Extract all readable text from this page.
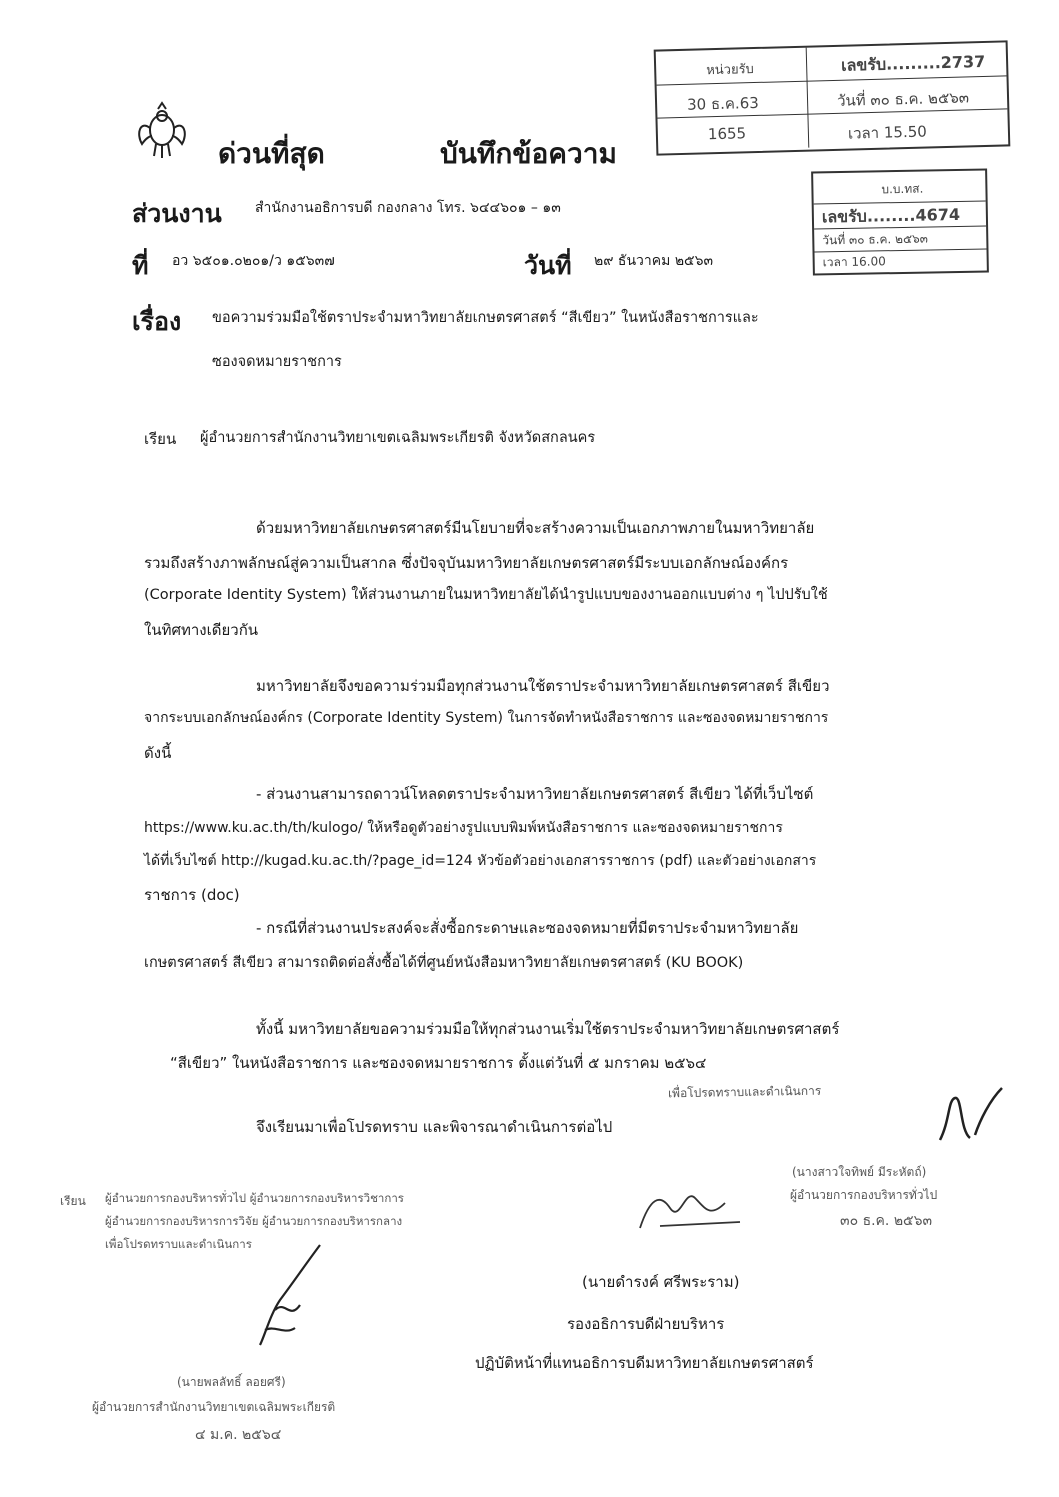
ด่วนที่สุด	บันทึกข้อความ
หน่วยรับ	เลขรับ.........2737
30 ธ.ค.63	วันที่ ๓๐ ธ.ค. ๒๕๖๓
1655	เวลา 15.50
บ.บ.ทส.
เลขรับ........4674
วันที่ ๓๐ ธ.ค. ๒๕๖๓
เวลา 16.00
ส่วนงาน สำนักงานอธิการบดี กองกลาง โทร. ๖๔๔๖๐๑ – ๑๓
ที่ อว ๖๕๐๑.๐๒๐๑/ว ๑๕๖๓๗	วันที่ ๒๙ ธันวาคม ๒๕๖๓
เรื่อง ขอความร่วมมือใช้ตราประจำมหาวิทยาลัยเกษตรศาสตร์ “สีเขียว” ในหนังสือราชการและ
ซองจดหมายราชการ
เรียน ผู้อำนวยการสำนักงานวิทยาเขตเฉลิมพระเกียรติ จังหวัดสกลนคร
ด้วยมหาวิทยาลัยเกษตรศาสตร์มีนโยบายที่จะสร้างความเป็นเอกภาพภายในมหาวิทยาลัย
รวมถึงสร้างภาพลักษณ์สู่ความเป็นสากล ซึ่งปัจจุบันมหาวิทยาลัยเกษตรศาสตร์มีระบบเอกลักษณ์องค์กร
(Corporate Identity System) ให้ส่วนงานภายในมหาวิทยาลัยได้นำรูปแบบของงานออกแบบต่าง ๆ ไปปรับใช้
ในทิศทางเดียวกัน
มหาวิทยาลัยจึงขอความร่วมมือทุกส่วนงานใช้ตราประจำมหาวิทยาลัยเกษตรศาสตร์ สีเขียว
จากระบบเอกลักษณ์องค์กร (Corporate Identity System) ในการจัดทำหนังสือราชการ และซองจดหมายราชการ
ดังนี้
- ส่วนงานสามารถดาวน์โหลดตราประจำมหาวิทยาลัยเกษตรศาสตร์ สีเขียว ได้ที่เว็บไซต์
https://www.ku.ac.th/th/kulogo/ ให้หรือดูตัวอย่างรูปแบบพิมพ์หนังสือราชการ และซองจดหมายราชการ
ได้ที่เว็บไซต์ http://kugad.ku.ac.th/?page_id=124 หัวข้อตัวอย่างเอกสารราชการ (pdf) และตัวอย่างเอกสาร
ราชการ (doc)
- กรณีที่ส่วนงานประสงค์จะสั่งซื้อกระดาษและซองจดหมายที่มีตราประจำมหาวิทยาลัย
เกษตรศาสตร์ สีเขียว สามารถติดต่อสั่งซื้อได้ที่ศูนย์หนังสือมหาวิทยาลัยเกษตรศาสตร์ (KU BOOK)
ทั้งนี้ มหาวิทยาลัยขอความร่วมมือให้ทุกส่วนงานเริ่มใช้ตราประจำมหาวิทยาลัยเกษตรศาสตร์
“สีเขียว” ในหนังสือราชการ และซองจดหมายราชการ ตั้งแต่วันที่ ๕ มกราคม ๒๕๖๔
จึงเรียนมาเพื่อโปรดทราบ และพิจารณาดำเนินการต่อไป
เพื่อโปรดทราบและดำเนินการ
(นางสาวใจทิพย์ มีระหัตถ์)
ผู้อำนวยการกองบริหารทั่วไป
๓๐ ธ.ค. ๒๕๖๓
เรียน ผู้อำนวยการกองบริหารทั่วไป ผู้อำนวยการกองบริหารวิชาการ
ผู้อำนวยการกองบริหารการวิจัย ผู้อำนวยการกองบริหารกลาง
เพื่อโปรดทราบและดำเนินการ
(นายดำรงค์ ศรีพระราม)
รองอธิการบดีฝ่ายบริหาร
ปฏิบัติหน้าที่แทนอธิการบดีมหาวิทยาลัยเกษตรศาสตร์
(นายพลลัทธิ์ ลอยศรี)
ผู้อำนวยการสำนักงานวิทยาเขตเฉลิมพระเกียรติ
๔ ม.ค. ๒๕๖๔
